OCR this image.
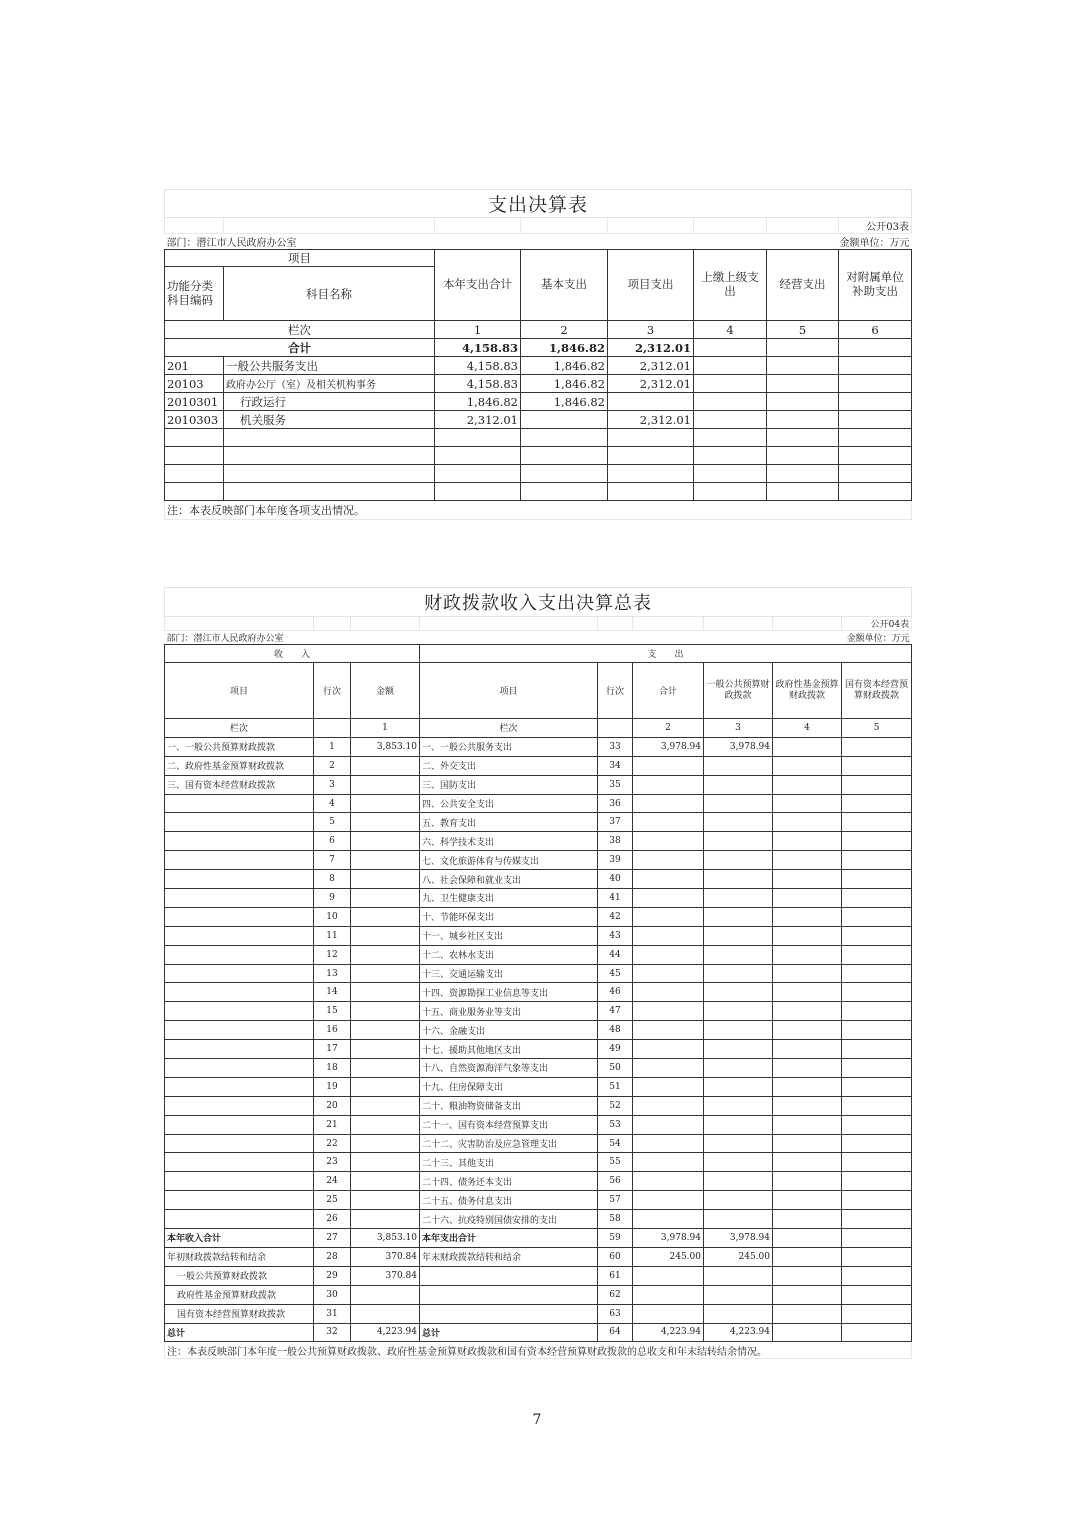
支出决算表							
							公开03表
部门：潜江市人民政府办公室						金额单位：万元	
项目		本年支出合计	基本支出	项目支出	上缴上级支出	经营支出	对附属单位补助支出
功能分类科目编码	科目名称						
栏次		1	2	3	4	5	6
合计		4,158.83	1,846.82	2,312.01			
201	一般公共服务支出	4,158.83	1,846.82	2,312.01			
20103	政府办公厅（室）及相关机构事务	4,158.83	1,846.82	2,312.01			
2010301	行政运行	1,846.82	1,846.82				
2010303	机关服务	2,312.01		2,312.01			

注：本表反映部门本年度各项支出情况。							
财政拨款收入支出决算总表								
								公开04表
部门：潜江市人民政府办公室							金额单位：万元	
收　　入			支　　出					
项目	行次	金额	项目	行次	合计	一般公共预算财政拨款	政府性基金预算财政拨款	国有资本经营预算财政拨款
栏次		1	栏次		2	3	4	5
一、一般公共预算财政拨款	1	3,853.10	一、一般公共服务支出	33	3,978.94	3,978.94		
二、政府性基金预算财政拨款	2		二、外交支出	34				
三、国有资本经营财政拨款	3		三、国防支出	35				
	4		四、公共安全支出	36				
	5		五、教育支出	37				
	6		六、科学技术支出	38				
	7		七、文化旅游体育与传媒支出	39				
	8		八、社会保障和就业支出	40				
	9		九、卫生健康支出	41				
	10		十、节能环保支出	42				
	11		十一、城乡社区支出	43				
	12		十二、农林水支出	44				
	13		十三、交通运输支出	45				
	14		十四、资源勘探工业信息等支出	46				
	15		十五、商业服务业等支出	47				
	16		十六、金融支出	48				
	17		十七、援助其他地区支出	49				
	18		十八、自然资源海洋气象等支出	50				
	19		十九、住房保障支出	51				
	20		二十、粮油物资储备支出	52				
	21		二十一、国有资本经营预算支出	53				
	22		二十二、灾害防治及应急管理支出	54				
	23		二十三、其他支出	55				
	24		二十四、债务还本支出	56				
	25		二十五、债务付息支出	57				
	26		二十六、抗疫特别国债安排的支出	58				
本年收入合计	27	3,853.10	本年支出合计	59	3,978.94	3,978.94		
年初财政拨款结转和结余	28	370.84	年末财政拨款结转和结余	60	245.00	245.00		
一般公共预算财政拨款	29	370.84		61				
政府性基金预算财政拨款	30			62				
国有资本经营预算财政拨款	31			63				
总计	32	4,223.94	总计	64	4,223.94	4,223.94		
注：本表反映部门本年度一般公共预算财政拨款、政府性基金预算财政拨款和国有资本经营预算财政拨款的总收支和年末结转结余情况。								
7
